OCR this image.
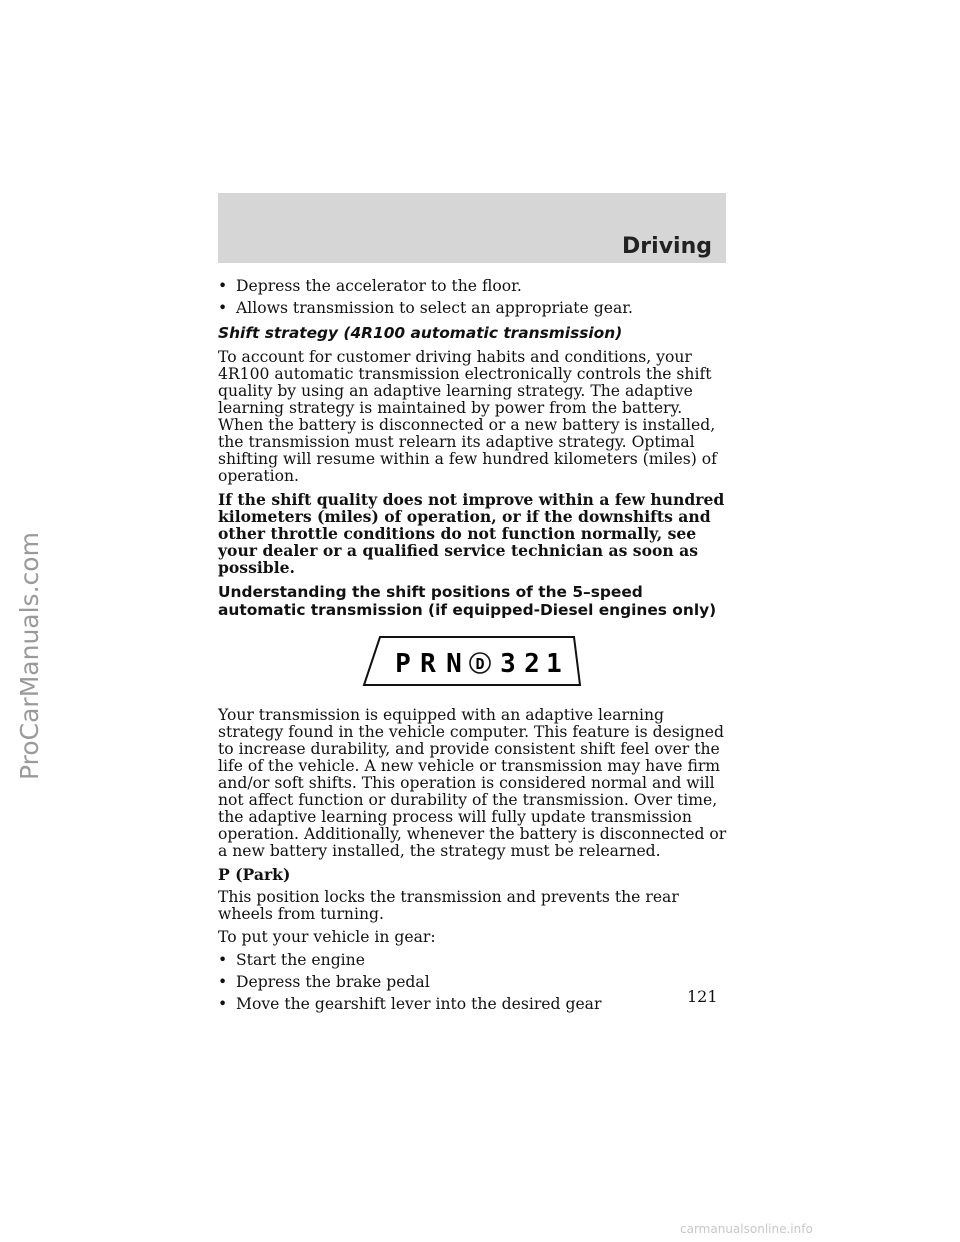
ProCarManuals.com
Driving
• Depress the accelerator to the floor.
• Allows transmission to select an appropriate gear.
Shift strategy (4R100 automatic transmission)

To account for customer driving habits and conditions, your 4R100 automatic transmission electronically controls the shift quality by using an adaptive learning strategy. The adaptive learning strategy is maintained by power from the battery. When the battery is disconnected or a new battery is installed, the transmission must relearn its adaptive strategy. Optimal shifting will resume within a few hundred kilometers (miles) of operation.

If the shift quality does not improve within a few hundred kilometers (miles) of operation, or if the downshifts and other throttle conditions do not function normally, see your dealer or a qualified service technician as soon as possible.

Understanding the shift positions of the 5–speed automatic transmission (if equipped-Diesel engines only)
P R N D 3 2 1

Your transmission is equipped with an adaptive learning strategy found in the vehicle computer. This feature is designed to increase durability, and provide consistent shift feel over the life of the vehicle. A new vehicle or transmission may have firm and/or soft shifts. This operation is considered normal and will not affect function or durability of the transmission. Over time, the adaptive learning process will fully update transmission operation. Additionally, whenever the battery is disconnected or a new battery installed, the strategy must be relearned.

P (Park)

This position locks the transmission and prevents the rear wheels from turning.

To put your vehicle in gear:

• Start the engine
• Depress the brake pedal
• Move the gearshift lever into the desired gear	121
carmanualsonline.info
